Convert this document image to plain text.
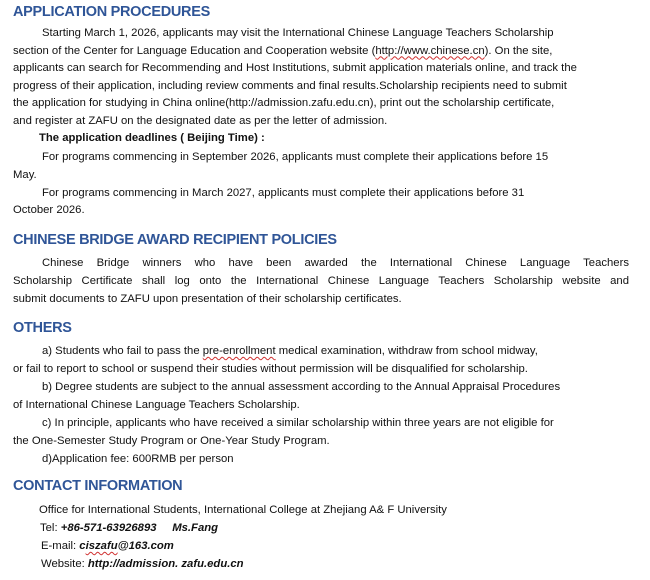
APPLICATION PROCEDURES
Starting March 1, 2026, applicants may visit the International Chinese Language Teachers Scholarship
section of the Center for Language Education and Cooperation website (http://www.chinese.cn). On the site,
applicants can search for Recommending and Host Institutions, submit application materials online, and track the
progress of their application, including review comments and final results.Scholarship recipients need to submit
the application for studying in China online(http://admission.zafu.edu.cn), print out the scholarship certificate,
and register at ZAFU on the designated date as per the letter of admission.
The application deadlines ( Beijing Time) :
For programs commencing in September 2026, applicants must complete their applications before 15
May.
For programs commencing in March 2027, applicants must complete their applications before 31
October 2026.
CHINESE BRIDGE AWARD RECIPIENT POLICIES
Chinese Bridge winners who have been awarded the International Chinese Language Teachers
Scholarship Certificate shall log onto the International Chinese Language Teachers Scholarship website and
submit documents to ZAFU upon presentation of their scholarship certificates.
OTHERS
a) Students who fail to pass the pre-enrollment medical examination, withdraw from school midway,
or fail to report to school or suspend their studies without permission will be disqualified for scholarship.
b) Degree students are subject to the annual assessment according to the Annual Appraisal Procedures
of International Chinese Language Teachers Scholarship.
c) In principle, applicants who have received a similar scholarship within three years are not eligible for
the One-Semester Study Program or One-Year Study Program.
d)Application fee: 600RMB per person
CONTACT INFORMATION
Office for International Students, International College at Zhejiang A& F University
Tel: +86-571-63926893     Ms.Fang
E-mail: ciszafu@163.com
Website: http://admission. zafu.edu.cn
